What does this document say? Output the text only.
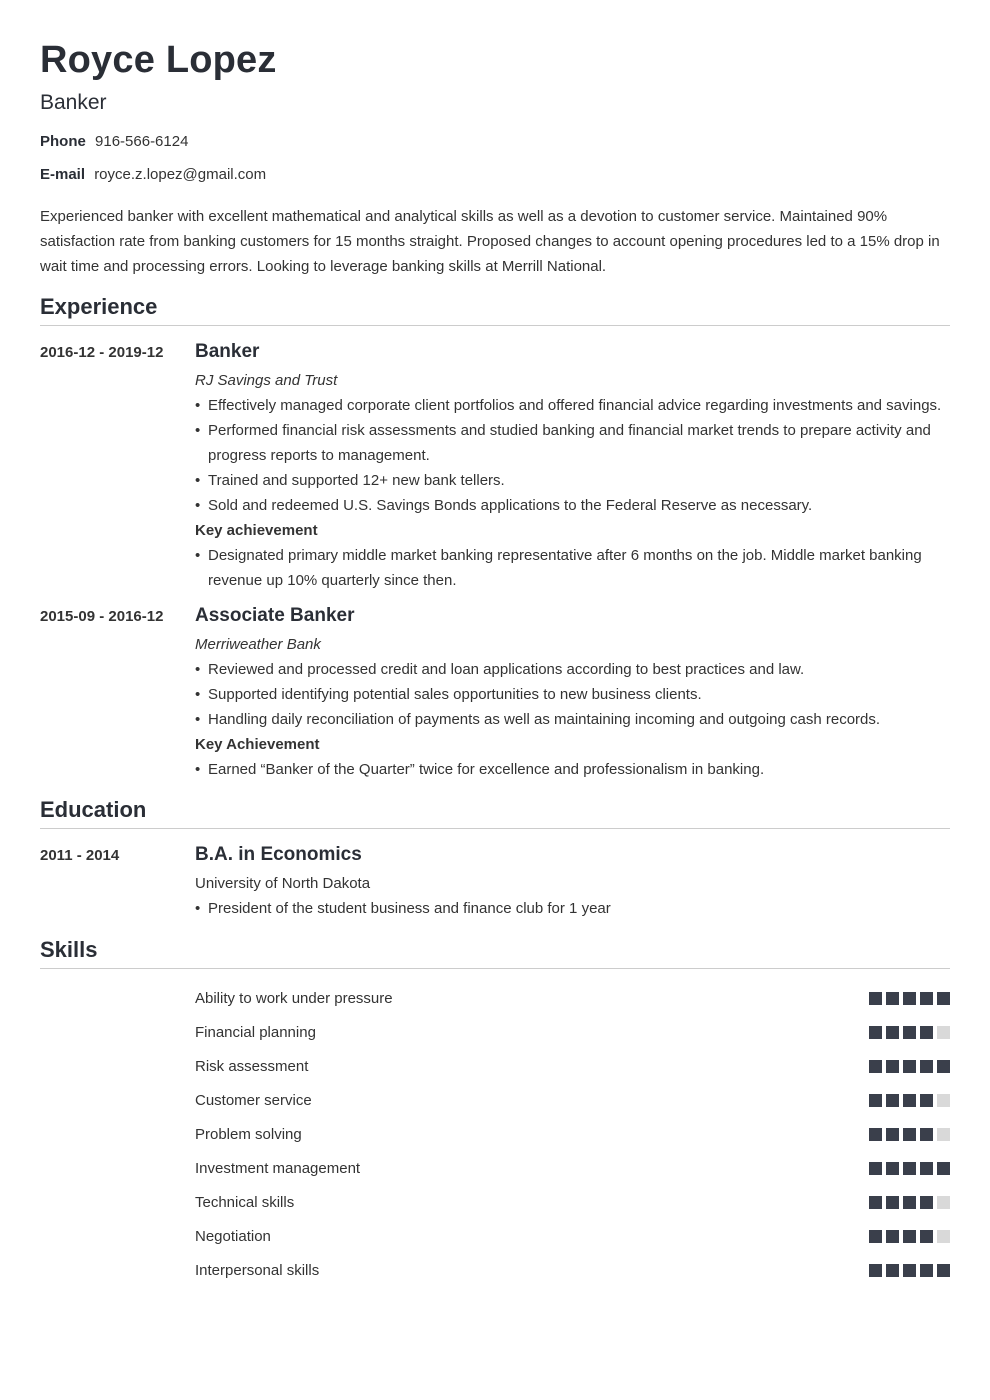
Royce Lopez
Banker
Phone 916-566-6124
E-mail royce.z.lopez@gmail.com
Experienced banker with excellent mathematical and analytical skills as well as a devotion to customer service. Maintained 90% satisfaction rate from banking customers for 15 months straight. Proposed changes to account opening procedures led to a 15% drop in wait time and processing errors. Looking to leverage banking skills at Merrill National.
Experience
2016-12 - 2019-12	Banker
RJ Savings and Trust
• Effectively managed corporate client portfolios and offered financial advice regarding investments and savings.
• Performed financial risk assessments and studied banking and financial market trends to prepare activity and progress reports to management.
• Trained and supported 12+ new bank tellers.
• Sold and redeemed U.S. Savings Bonds applications to the Federal Reserve as necessary.
Key achievement
• Designated primary middle market banking representative after 6 months on the job. Middle market banking revenue up 10% quarterly since then.
2015-09 - 2016-12	Associate Banker
Merriweather Bank
• Reviewed and processed credit and loan applications according to best practices and law.
• Supported identifying potential sales opportunities to new business clients.
• Handling daily reconciliation of payments as well as maintaining incoming and outgoing cash records.
Key Achievement
• Earned “Banker of the Quarter” twice for excellence and professionalism in banking.
Education
2011 - 2014	B.A. in Economics
University of North Dakota
• President of the student business and finance club for 1 year
Skills
Ability to work under pressure
Financial planning
Risk assessment
Customer service
Problem solving
Investment management
Technical skills
Negotiation
Interpersonal skills
